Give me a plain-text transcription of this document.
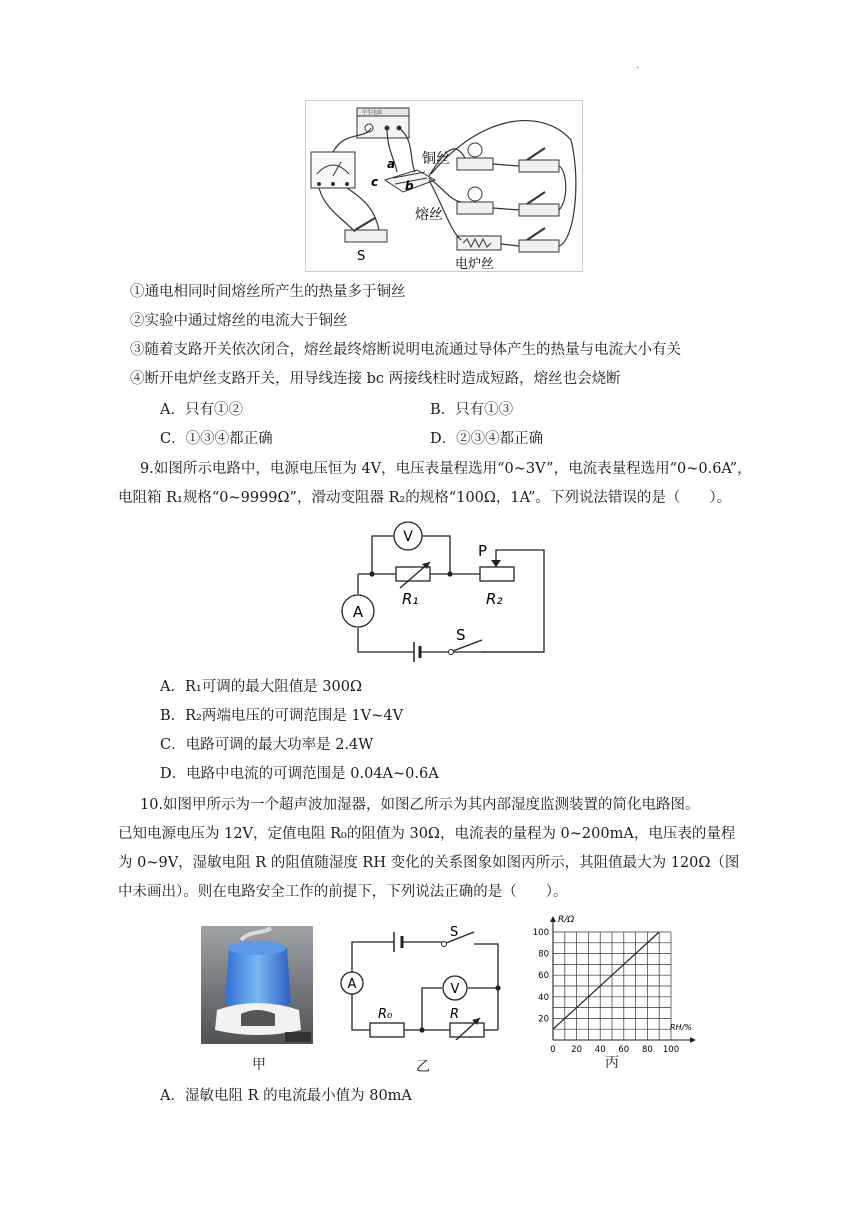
.
学生电源
a
c b
铜丝
熔丝
S
电炉丝
①通电相同时间熔丝所产生的热量多于铜丝
②实验中通过熔丝的电流大于铜丝
③随着支路开关依次闭合，熔丝最终熔断说明电流通过导体产生的热量与电流大小有关
④断开电炉丝支路开关，用导线连接 bc 两接线柱时造成短路，熔丝也会烧断
A．只有①②	B．只有①③
C．①③④都正确	D．②③④都正确
9.如图所示电路中，电源电压恒为 4V，电压表量程选用“0~3V”，电流表量程选用“0~0.6A”，
电阻箱 R₁规格“0~9999Ω”，滑动变阻器 R₂的规格“100Ω，1A”。下列说法错误的是（　　）。
V
A
P
R₁	R₂
S
A．R₁可调的最大阻值是 300Ω
B．R₂两端电压的可调范围是 1V~4V
C．电路可调的最大功率是 2.4W
D．电路中电流的可调范围是 0.04A~0.6A
10.如图甲所示为一个超声波加湿器，如图乙所示为其内部湿度监测装置的简化电路图。
已知电源电压为 12V，定值电阻 R₀的阻值为 30Ω，电流表的量程为 0~200mA，电压表的量程
为 0~9V，湿敏电阻 R 的阻值随湿度 RH 变化的关系图象如图丙所示，其阻值最大为 120Ω（图
中未画出）。则在电路安全工作的前提下，下列说法正确的是（　　）。
甲
A	V
S
R₀	R
乙
0 20 40 60 80 100
20
40
60
80
100
R/Ω
RH/%
丙
A．湿敏电阻 R 的电流最小值为 80mA
